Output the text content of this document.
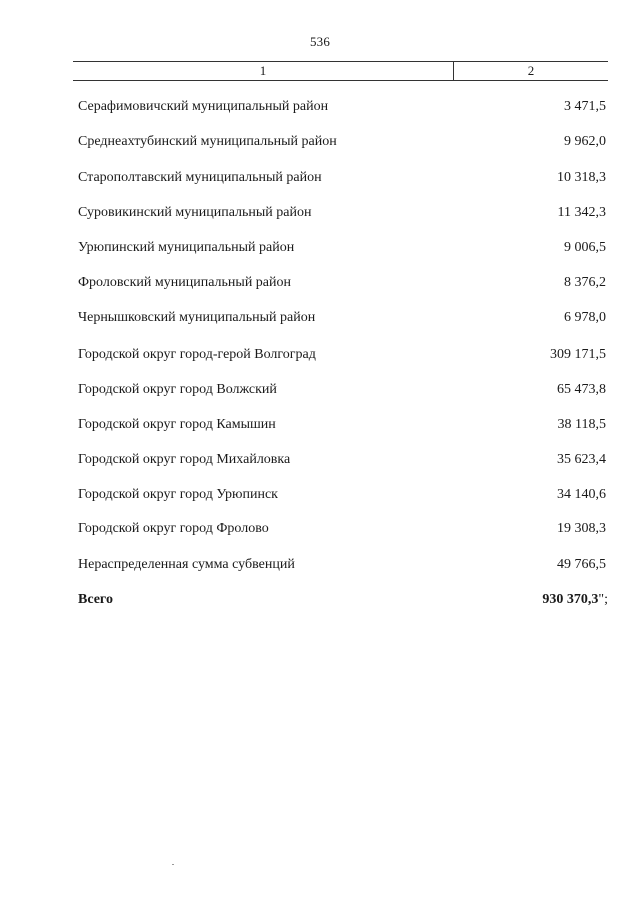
536
1	2
Серафимовичский муниципальный район	3 471,5
Среднеахтубинский муниципальный район	9 962,0
Старополтавский муниципальный район	10 318,3
Суровикинский муниципальный район	11 342,3
Урюпинский муниципальный район	9 006,5
Фроловский муниципальный район	8 376,2
Чернышковский муниципальный район	6 978,0
Городской округ город-герой Волгоград	309 171,5
Городской округ город Волжский	65 473,8
Городской округ город Камышин	38 118,5
Городской округ город Михайловка	35 623,4
Городской округ город Урюпинск	34 140,6
Городской округ город Фролово	19 308,3
Нераспределенная сумма субвенций	49 766,5
Всего	930 370,3";
